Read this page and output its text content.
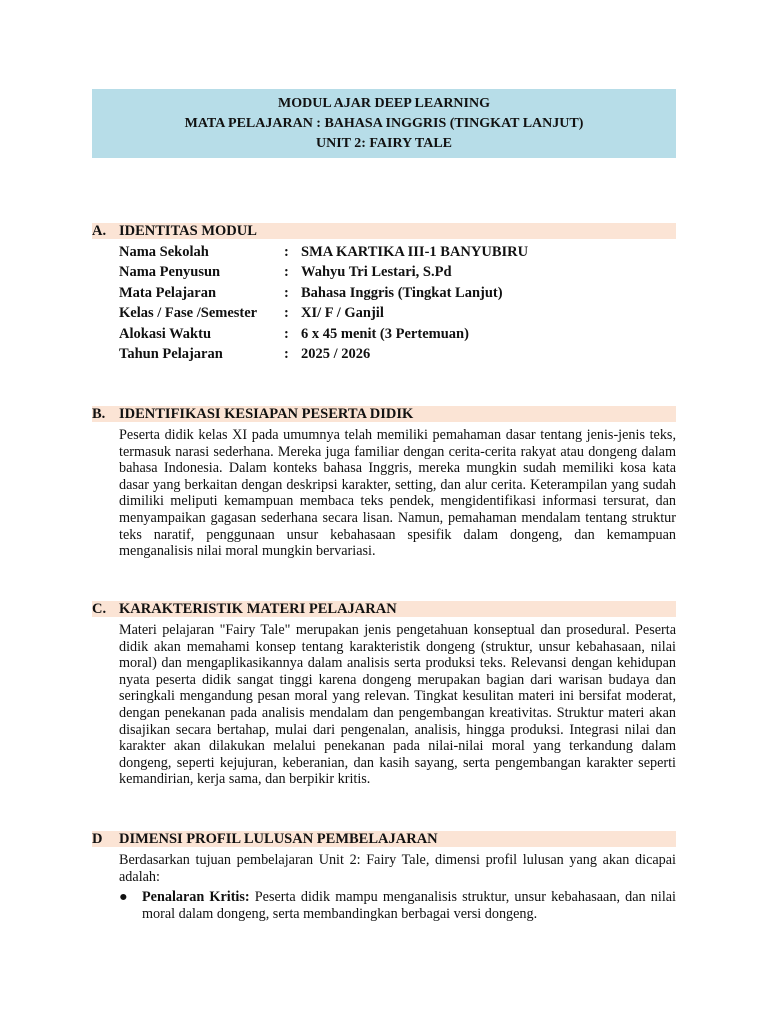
MODUL AJAR DEEP LEARNING
MATA PELAJARAN : BAHASA INGGRIS (TINGKAT LANJUT)
UNIT 2: FAIRY TALE
A. IDENTITAS MODUL
Nama Sekolah	: SMA KARTIKA III-1 BANYUBIRU
Nama Penyusun	: Wahyu Tri Lestari, S.Pd
Mata Pelajaran	: Bahasa Inggris (Tingkat Lanjut)
Kelas / Fase /Semester : XI/ F / Ganjil
Alokasi Waktu	: 6 x 45 menit (3 Pertemuan)
Tahun Pelajaran	: 2025 / 2026
B. IDENTIFIKASI KESIAPAN PESERTA DIDIK

Peserta didik kelas XI pada umumnya telah memiliki pemahaman dasar tentang jenis-jenis teks, termasuk narasi sederhana. Mereka juga familiar dengan cerita-cerita rakyat atau dongeng dalam bahasa Indonesia. Dalam konteks bahasa Inggris, mereka mungkin sudah memiliki kosa kata dasar yang berkaitan dengan deskripsi karakter, setting, dan alur cerita. Keterampilan yang sudah dimiliki meliputi kemampuan membaca teks pendek, mengidentifikasi informasi tersurat, dan menyampaikan gagasan sederhana secara lisan. Namun, pemahaman mendalam tentang struktur teks naratif, penggunaan unsur kebahasaan spesifik dalam dongeng, dan kemampuan menganalisis nilai moral mungkin bervariasi.

C. KARAKTERISTIK MATERI PELAJARAN

Materi pelajaran "Fairy Tale" merupakan jenis pengetahuan konseptual dan prosedural. Peserta didik akan memahami konsep tentang karakteristik dongeng (struktur, unsur kebahasaan, nilai moral) dan mengaplikasikannya dalam analisis serta produksi teks. Relevansi dengan kehidupan nyata peserta didik sangat tinggi karena dongeng merupakan bagian dari warisan budaya dan seringkali mengandung pesan moral yang relevan. Tingkat kesulitan materi ini bersifat moderat, dengan penekanan pada analisis mendalam dan pengembangan kreativitas. Struktur materi akan disajikan secara bertahap, mulai dari pengenalan, analisis, hingga produksi. Integrasi nilai dan karakter akan dilakukan melalui penekanan pada nilai-nilai moral yang terkandung dalam dongeng, seperti kejujuran, keberanian, dan kasih sayang, serta pengembangan karakter seperti kemandirian, kerja sama, dan berpikir kritis.

D DIMENSI PROFIL LULUSAN PEMBELAJARAN

Berdasarkan tujuan pembelajaran Unit 2: Fairy Tale, dimensi profil lulusan yang akan dicapai adalah:

● Penalaran Kritis: Peserta didik mampu menganalisis struktur, unsur kebahasaan, dan nilai moral dalam dongeng, serta membandingkan berbagai versi dongeng.
